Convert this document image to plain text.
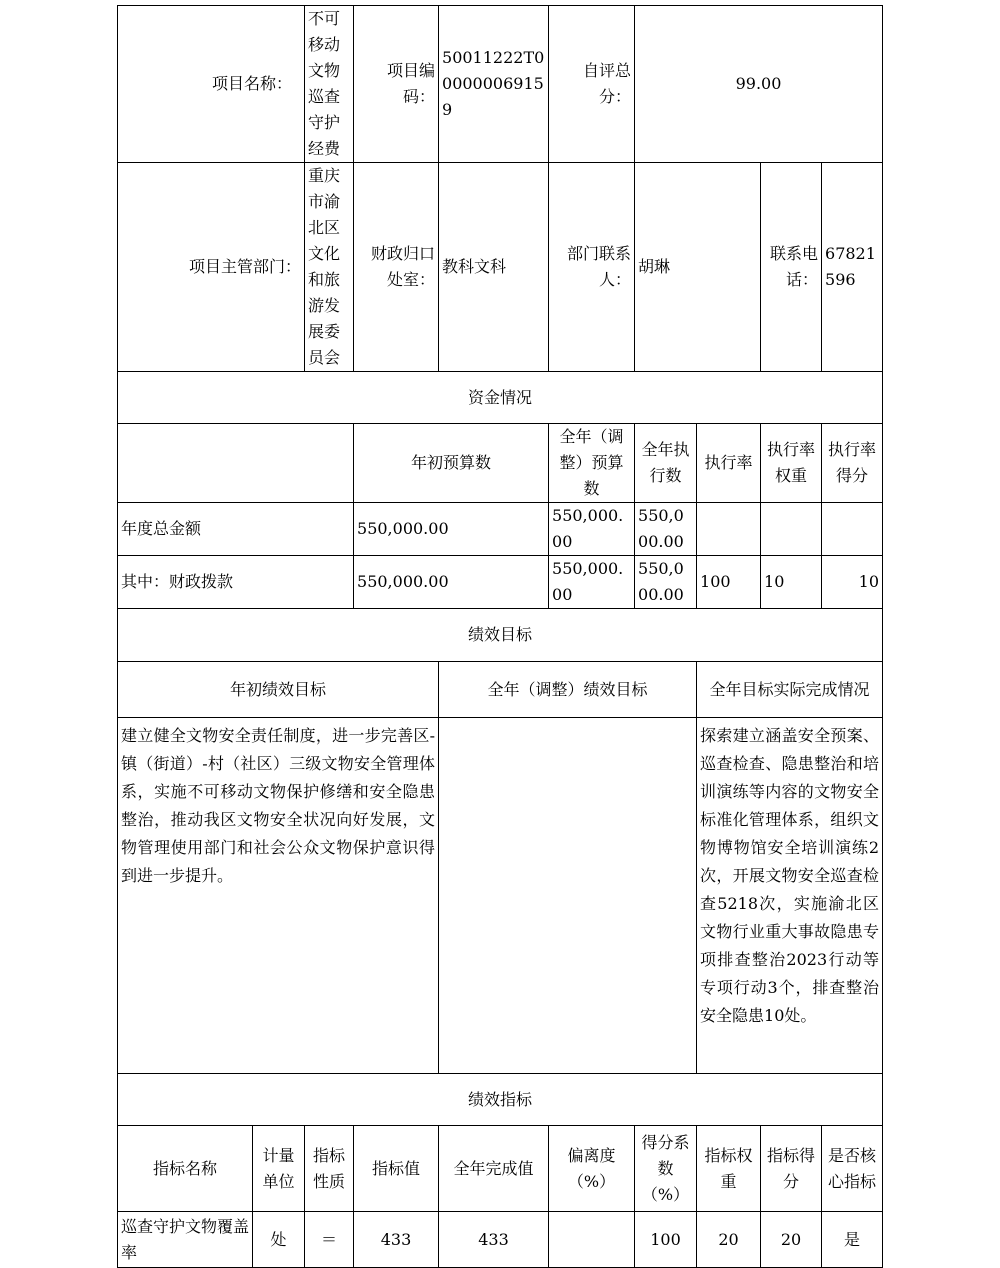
项目名称：		不可移动文物巡查守护经费	项目编码：	50011222T000000069159	自评总分：	99.00			
项目主管部门：		重庆市渝北区文化和旅游发展委员会	财政归口处室：	教科文科	部门联系人：	胡琳		联系电话：	67821596
资金情况									
			年初预算数		全年（调整）预算数	全年执行数	执行率	执行率权重	执行率得分
年度总金额			550,000.00		550,000.00	550,000.00			
其中：财政拨款			550,000.00		550,000.00	550,000.00	100	10	10
绩效目标									
年初绩效目标				全年（调整）绩效目标			全年目标实际完成情况		
建立健全文物安全责任制度，进一步完善区-镇（街道）-村（社区）三级文物安全管理体系，实施不可移动文物保护修缮和安全隐患整治，推动我区文物安全状况向好发展，文物管理使用部门和社会公众文物保护意识得到进一步提升。							探索建立涵盖安全预案、巡查检查、隐患整治和培训演练等内容的文物安全标准化管理体系，组织文物博物馆安全培训演练2次，开展文物安全巡查检查5218次，实施渝北区文物行业重大事故隐患专项排查整治2023行动等专项行动3个，排查整治安全隐患10处。		
绩效指标									
指标名称	计量单位	指标性质	指标值	全年完成值	偏离度（%）	得分系数（%）	指标权重	指标得分	是否核心指标
巡查守护文物覆盖率	处	＝	433	433		100	20	20	是
